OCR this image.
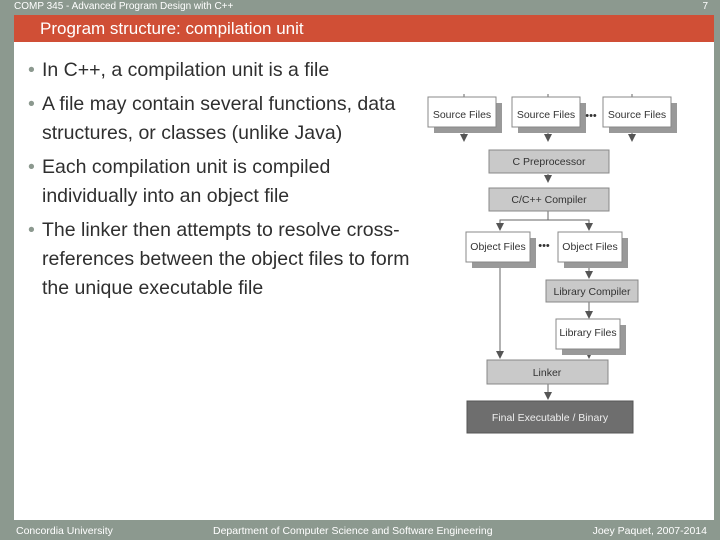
COMP 345 - Advanced Program Design with C++	7
Program structure: compilation unit
• In C++, a compilation unit is a file
• A file may contain several functions, data structures, or classes (unlike Java)
• Each compilation unit is compiled individually into an object file
• The linker then attempts to resolve cross-references between the object files to form the unique executable file
Source Files Source Files ••• Source Files
C Preprocessor
C/C++ Compiler
Object Files ••• Object Files
Library Compiler
Library Files
Linker
Final Executable / Binary
Concordia University	Department of Computer Science and Software Engineering	Joey Paquet, 2007-2014
